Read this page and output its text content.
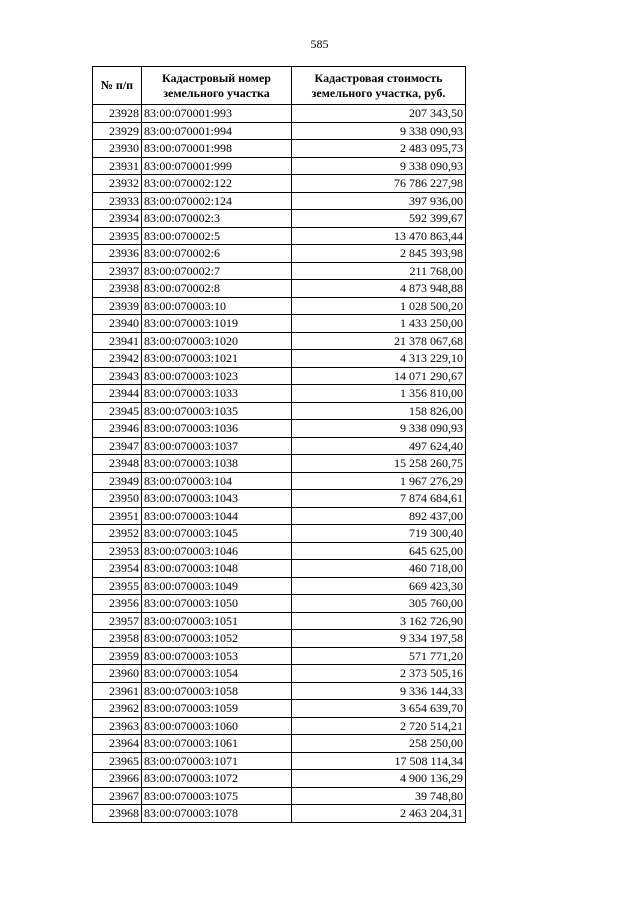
585
№ п/п	Кадастровый номер земельного участка	Кадастровая стоимость земельного участка, руб.
23928	83:00:070001:993	207 343,50
23929	83:00:070001:994	9 338 090,93
23930	83:00:070001:998	2 483 095,73
23931	83:00:070001:999	9 338 090,93
23932	83:00:070002:122	76 786 227,98
23933	83:00:070002:124	397 936,00
23934	83:00:070002:3	592 399,67
23935	83:00:070002:5	13 470 863,44
23936	83:00:070002:6	2 845 393,98
23937	83:00:070002:7	211 768,00
23938	83:00:070002:8	4 873 948,88
23939	83:00:070003:10	1 028 500,20
23940	83:00:070003:1019	1 433 250,00
23941	83:00:070003:1020	21 378 067,68
23942	83:00:070003:1021	4 313 229,10
23943	83:00:070003:1023	14 071 290,67
23944	83:00:070003:1033	1 356 810,00
23945	83:00:070003:1035	158 826,00
23946	83:00:070003:1036	9 338 090,93
23947	83:00:070003:1037	497 624,40
23948	83:00:070003:1038	15 258 260,75
23949	83:00:070003:104	1 967 276,29
23950	83:00:070003:1043	7 874 684,61
23951	83:00:070003:1044	892 437,00
23952	83:00:070003:1045	719 300,40
23953	83:00:070003:1046	645 625,00
23954	83:00:070003:1048	460 718,00
23955	83:00:070003:1049	669 423,30
23956	83:00:070003:1050	305 760,00
23957	83:00:070003:1051	3 162 726,90
23958	83:00:070003:1052	9 334 197,58
23959	83:00:070003:1053	571 771,20
23960	83:00:070003:1054	2 373 505,16
23961	83:00:070003:1058	9 336 144,33
23962	83:00:070003:1059	3 654 639,70
23963	83:00:070003:1060	2 720 514,21
23964	83:00:070003:1061	258 250,00
23965	83:00:070003:1071	17 508 114,34
23966	83:00:070003:1072	4 900 136,29
23967	83:00:070003:1075	39 748,80
23968	83:00:070003:1078	2 463 204,31
